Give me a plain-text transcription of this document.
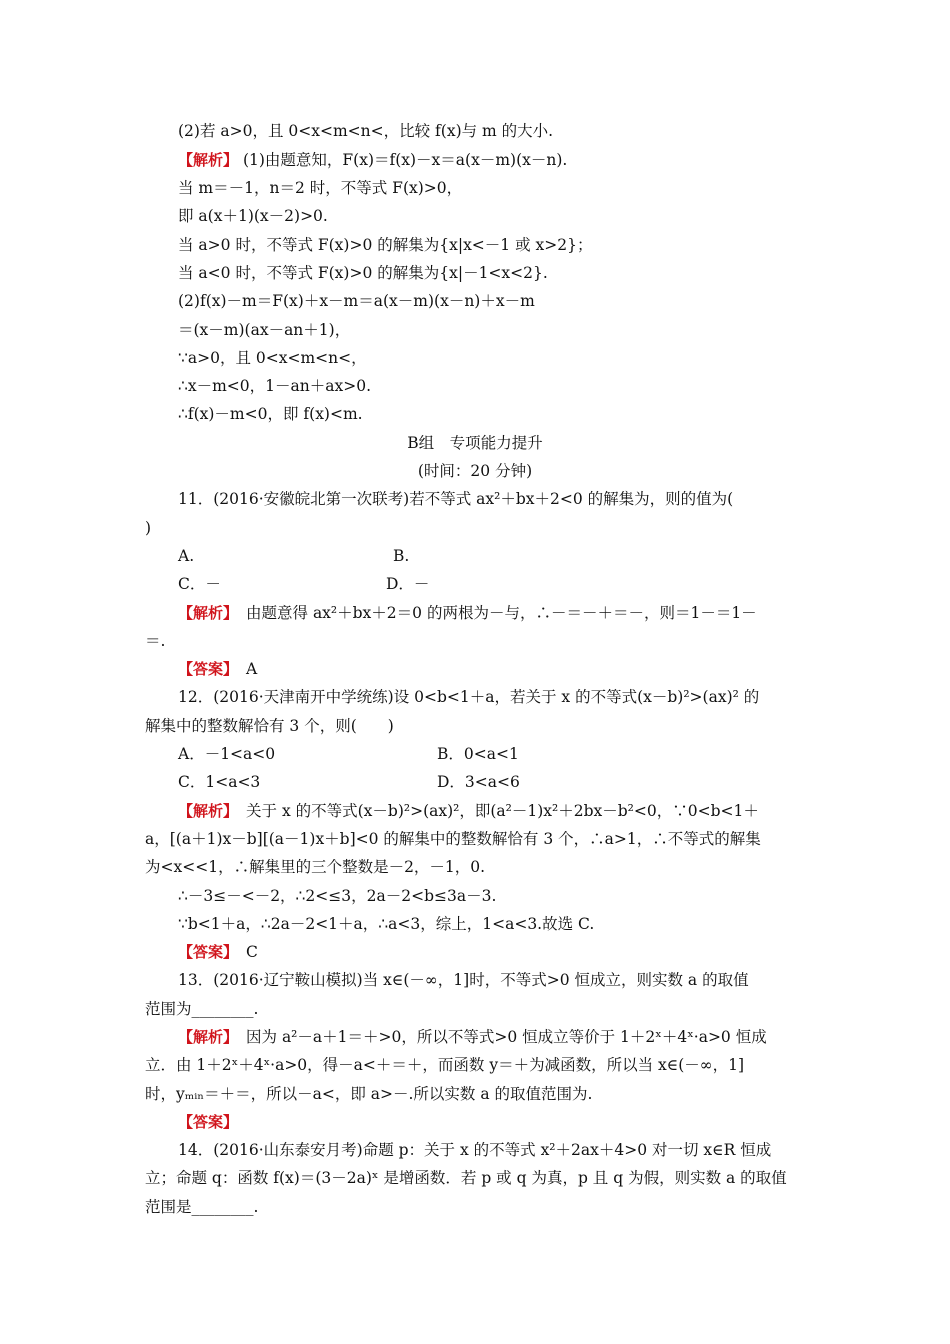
(2)若 a>0，且 0<x<m<n<，比较 f(x)与 m 的大小.
【解析】 (1)由题意知，F(x)＝f(x)－x＝a(x－m)(x－n).
当 m＝－1，n＝2 时，不等式 F(x)>0，
即 a(x＋1)(x－2)>0.
当 a>0 时，不等式 F(x)>0 的解集为{x|x<－1 或 x>2}；
当 a<0 时，不等式 F(x)>0 的解集为{x|－1<x<2}.
(2)f(x)－m＝F(x)＋x－m＝a(x－m)(x－n)＋x－m
＝(x－m)(ax－an＋1)，
∵a>0，且 0<x<m<n<，
∴x－m<0，1－an＋ax>0.
∴f(x)－m<0，即 f(x)<m.
B组　专项能力提升
(时间：20 分钟)
11．(2016·安徽皖北第一次联考)若不等式 ax²＋bx＋2<0 的解集为，则的值为(
)
A.
C．－
【解析】　由题意得 ax²＋bx＋2＝0 的两根为－与，∴－＝－＋＝－，则＝1－＝1－
＝.
【答案】　A
12．(2016·天津南开中学统练)设 0<b<1＋a，若关于 x 的不等式(x－b)²>(ax)² 的
解集中的整数解恰有 3 个，则(　　)
A．－1<a<0
C．1<a<3
【解析】　关于 x 的不等式(x－b)²>(ax)²，即(a²－1)x²＋2bx－b²<0，∵0<b<1＋
a，[(a＋1)x－b][(a－1)x＋b]<0 的解集中的整数解恰有 3 个，∴a>1，∴不等式的解集
为<x<<1，∴解集里的三个整数是－2，－1，0.
∴－3≤－<－2，∴2<≤3，2a－2<b≤3a－3.
∵b<1＋a，∴2a－2<1＋a，∴a<3，综上，1<a<3.故选 C.
【答案】　C
13．(2016·辽宁鞍山模拟)当 x∈(－∞，1]时，不等式>0 恒成立，则实数 a 的取值
范围为________.
【解析】　因为 a²－a＋1＝＋>0，所以不等式>0 恒成立等价于 1＋2ˣ＋4ˣ·a>0 恒成
立．由 1＋2ˣ＋4ˣ·a>0，得－a<＋＝＋，而函数 y＝＋为减函数，所以当 x∈(－∞，1]
时，yₘᵢₙ＝＋＝，所以－a<，即 a>－.所以实数 a 的取值范围为.
【答案】
14．(2016·山东泰安月考)命题 p：关于 x 的不等式 x²＋2ax＋4>0 对一切 x∈R 恒成
立；命题 q：函数 f(x)＝(3－2a)ˣ 是增函数．若 p 或 q 为真，p 且 q 为假，则实数 a 的取值
范围是________.
B.
D．－
B．0<a<1
D．3<a<6
